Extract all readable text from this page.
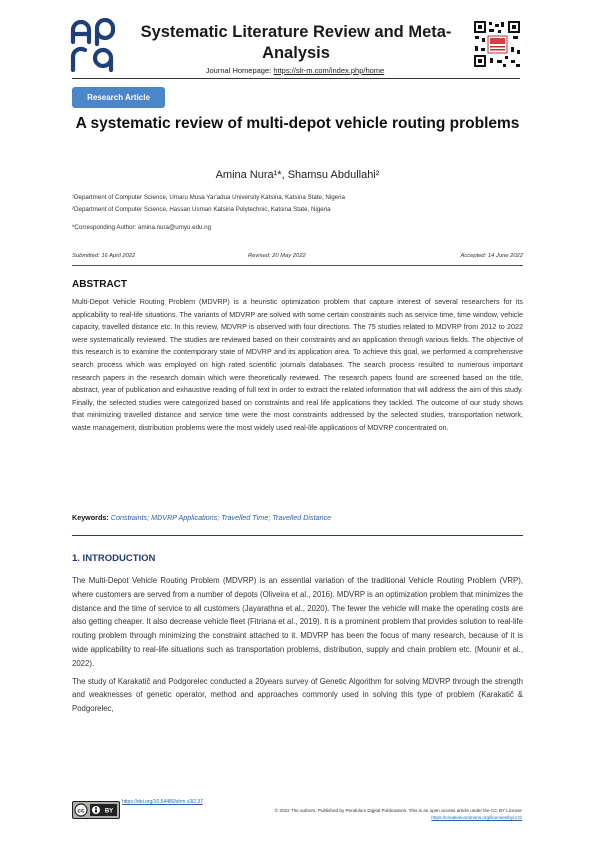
Systematic Literature Review and Meta-Analysis
Journal Homepage: https://slr-m.com/index.php/home
Research Article
A systematic review of multi-depot vehicle routing problems
Amina Nura¹*, Shamsu Abdullahi²
¹Department of Computer Science, Umaru Musa Yar'adua University Katsina, Katsina State, Nigeria
²Department of Computer Science, Hassan Usman Katsina Polytechnic, Katsina State, Nigeria
*Corresponding Author: amina.nura@umyu.edu.ng
Submitted: 16 April 2022	Revised: 20 May 2022	Accepted: 14 June 2022
ABSTRACT
Multi-Depot Vehicle Routing Problem (MDVRP) is a heuristic optimization problem that capture interest of several researchers for its applicability to real-life situations. The variants of MDVRP are solved with some certain constraints such as service time, time window, vehicle capacity, travelled distance etc. In this review, MDVRP is observed with four directions. The 75 studies related to MDVRP from 2012 to 2022 were systematically reviewed. The studies are reviewed based on their constraints and an application through various fields. The objective of this research is to examine the contemporary state of MDVRP and its application area. To achieve this goal, we performed a comprehensive search process which was employed on high rated scientific journals databases. The search process resulted to numerous important research papers in the research domain which were theoretically reviewed. The research papers found are screened based on the title, abstract, year of publication and exhaustive reading of full text in order to extract the related information that will address the aim of this study. Finally, the selected studies were categorized based on constraints and real life applications they tackled. The outcome of our study shows that minimizing travelled distance and service time were the most constraints addressed by the selected studies, transportation network, waste management, distribution problems were the most widely used real-life applications of MDVRP concentrated on.
Keywords: Constraints; MDVRP Applications; Travelled Time; Travelled Distance
1. INTRODUCTION

The Multi-Depot Vehicle Routing Problem (MDVRP) is an essential variation of the traditional Vehicle Routing Problem (VRP), where customers are served from a number of depots (Oliveira et al., 2016). MDVRP is an optimization problem that minimizes the distance and the time of service to all customers (Jayarathna et al., 2020). The fewer the vehicle will make the operating costs are also getting cheaper. It also decrease vehicle fleet (Fitriana et al., 2019). It is a prominent problem that provides solution to real-life routing problem through minimizing the constraint attached to it. MDVRP has been the focus of many research, because of it is wide applicability to real-life situations such as transportation problems, distribution, supply and chain problem etc. (Mounir et al., 2022).

The study of Karakatič and Podgorelec conducted a 20years survey of Genetic Algorithm for solving MDVRP through the strength and weaknesses of genetic operator, method and approaches commonly used in solving this type of problem (Karakatič & Podgorelec,

cc	BY
https://doi.org/10.54480/slrm.v3i2.37
© 2022 The authors. Published by Pendulum Digital Publications. This is an open access article under the CC BY License
https://creativecommons.org/licenses/by/4.0/
